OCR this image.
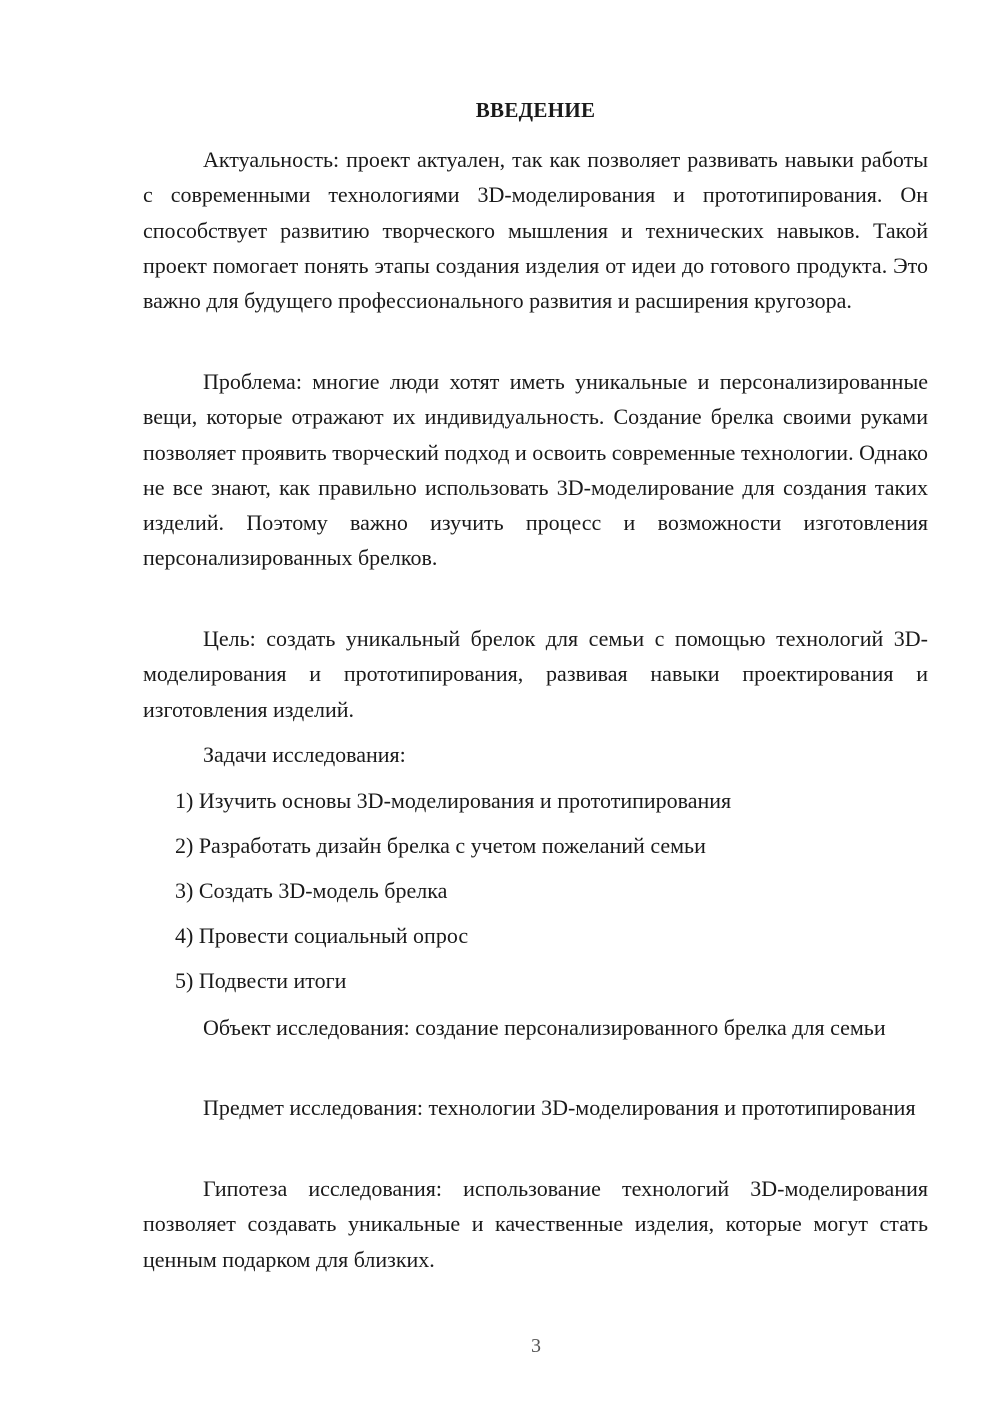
ВВЕДЕНИЕ

Актуальность: проект актуален, так как позволяет развивать навыки работы с современными технологиями 3D-моделирования и прототипирования. Он способствует развитию творческого мышления и технических навыков. Такой проект помогает понять этапы создания изделия от идеи до готового продукта. Это важно для будущего профессионального развития и расширения кругозора.

Проблема: многие люди хотят иметь уникальные и персонализированные вещи, которые отражают их индивидуальность. Создание брелка своими руками позволяет проявить творческий подход и освоить современные технологии. Однако не все знают, как правильно использовать 3D-моделирование для создания таких изделий. Поэтому важно изучить процесс и возможности изготовления персонализированных брелков.

Цель: создать уникальный брелок для семьи с помощью технологий 3D-моделирования и прототипирования, развивая навыки проектирования и изготовления изделий.

Задачи исследования:

1) Изучить основы 3D-моделирования и прототипирования

2) Разработать дизайн брелка с учетом пожеланий семьи

3) Создать 3D-модель брелка

4) Провести социальный опрос

5) Подвести итоги

Объект исследования: создание персонализированного брелка для семьи

Предмет исследования: технологии 3D-моделирования и прототипирования

Гипотеза исследования: использование технологий 3D-моделирования позволяет создавать уникальные и качественные изделия, которые могут стать ценным подарком для близких.

3
